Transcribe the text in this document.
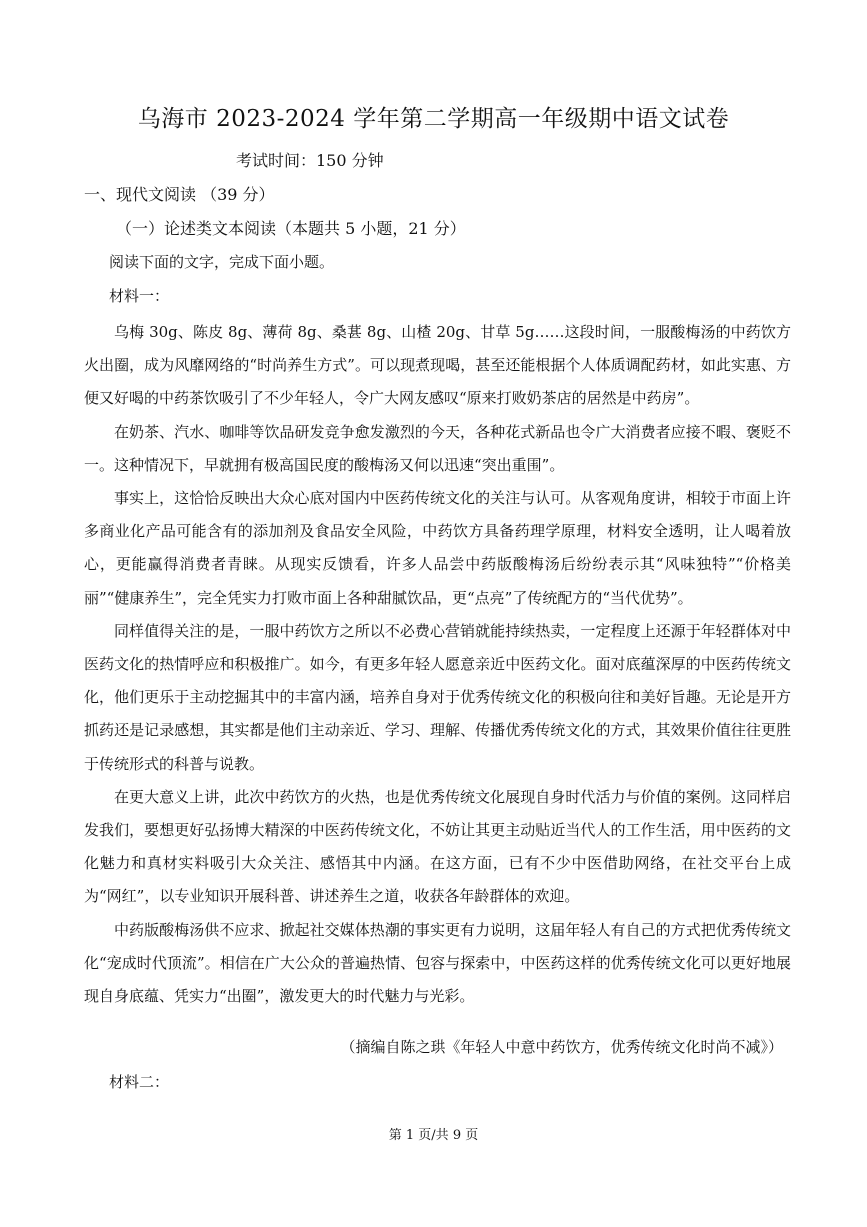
乌海市 2023-2024 学年第二学期高一年级期中语文试卷
考试时间：150 分钟
一、现代文阅读 （39 分）
（一）论述类文本阅读（本题共 5 小题，21 分）
阅读下面的文字，完成下面小题。
材料一：

乌梅 30g、陈皮 8g、薄荷 8g、桑葚 8g、山楂 20g、甘草 5g……这段时间，一服酸梅汤的中药饮方火出圈，成为风靡网络的“时尚养生方式”。可以现煮现喝，甚至还能根据个人体质调配药材，如此实惠、方便又好喝的中药茶饮吸引了不少年轻人，令广大网友感叹“原来打败奶茶店的居然是中药房”。

在奶茶、汽水、咖啡等饮品研发竞争愈发激烈的今天，各种花式新品也令广大消费者应接不暇、褒贬不一。这种情况下，早就拥有极高国民度的酸梅汤又何以迅速“突出重围”。

事实上，这恰恰反映出大众心底对国内中医药传统文化的关注与认可。从客观角度讲，相较于市面上许多商业化产品可能含有的添加剂及食品安全风险，中药饮方具备药理学原理，材料安全透明，让人喝着放心，更能赢得消费者青睐。从现实反馈看，许多人品尝中药版酸梅汤后纷纷表示其“风味独特”“价格美丽”“健康养生”，完全凭实力打败市面上各种甜腻饮品，更“点亮”了传统配方的“当代优势”。

同样值得关注的是，一服中药饮方之所以不必费心营销就能持续热卖，一定程度上还源于年轻群体对中医药文化的热情呼应和积极推广。如今，有更多年轻人愿意亲近中医药文化。面对底蕴深厚的中医药传统文化，他们更乐于主动挖掘其中的丰富内涵，培养自身对于优秀传统文化的积极向往和美好旨趣。无论是开方抓药还是记录感想，其实都是他们主动亲近、学习、理解、传播优秀传统文化的方式，其效果价值往往更胜于传统形式的科普与说教。

在更大意义上讲，此次中药饮方的火热，也是优秀传统文化展现自身时代活力与价值的案例。这同样启发我们，要想更好弘扬博大精深的中医药传统文化，不妨让其更主动贴近当代人的工作生活，用中医药的文化魅力和真材实料吸引大众关注、感悟其中内涵。在这方面，已有不少中医借助网络，在社交平台上成为“网红”，以专业知识开展科普、讲述养生之道，收获各年龄群体的欢迎。

中药版酸梅汤供不应求、掀起社交媒体热潮的事实更有力说明，这届年轻人有自己的方式把优秀传统文化“宠成时代顶流”。相信在广大公众的普遍热情、包容与探索中，中医药这样的优秀传统文化可以更好地展现自身底蕴、凭实力“出圈”，激发更大的时代魅力与光彩。

（摘编自陈之珙《年轻人中意中药饮方，优秀传统文化时尚不减》）
材料二：
第 1 页/共 9 页
